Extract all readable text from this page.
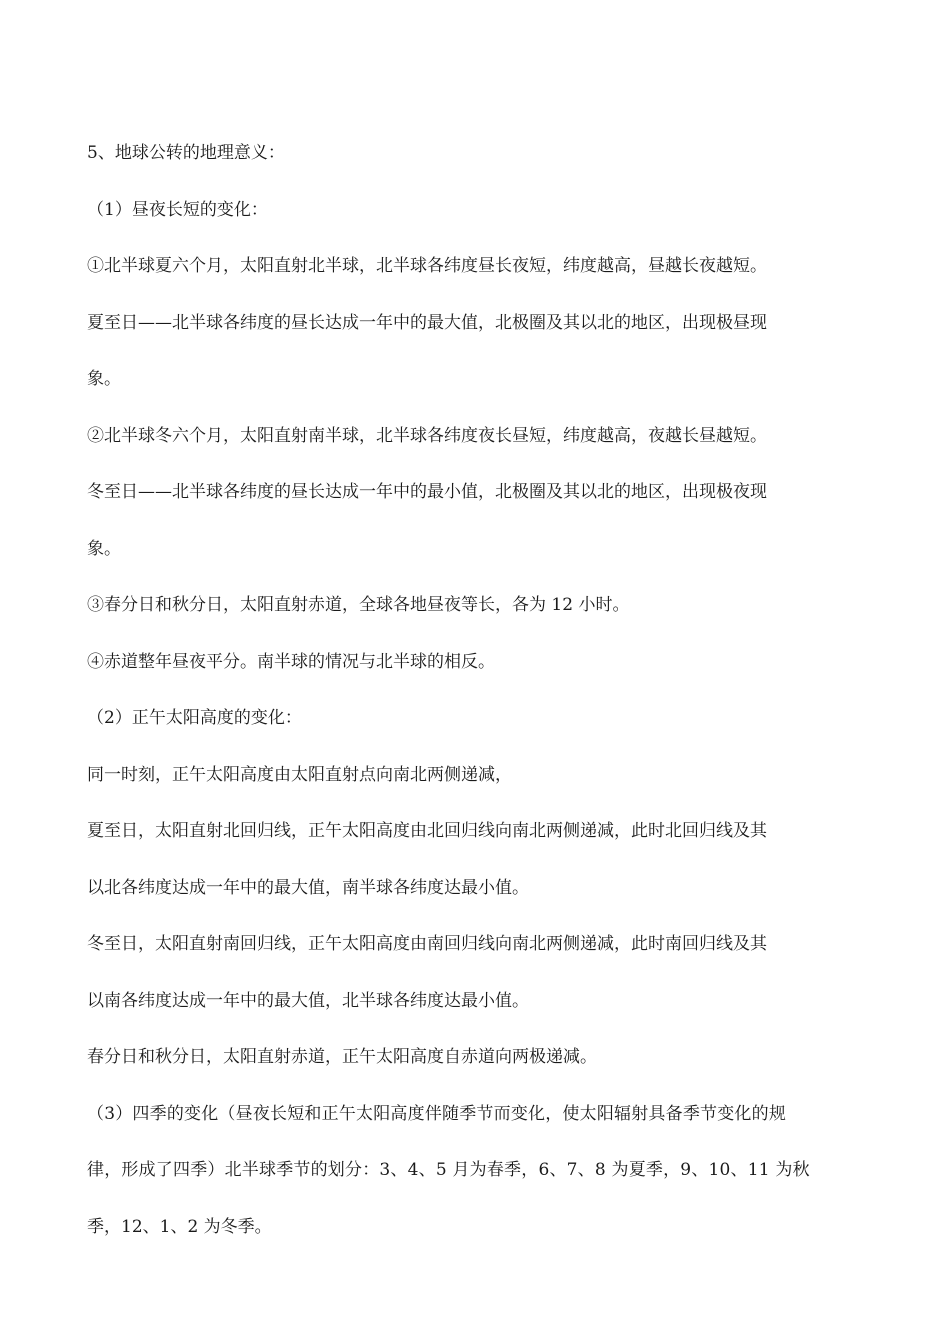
5、地球公转的地理意义：
（1）昼夜长短的变化：
①北半球夏六个月，太阳直射北半球，北半球各纬度昼长夜短，纬度越高，昼越长夜越短。
夏至日——北半球各纬度的昼长达成一年中的最大值，北极圈及其以北的地区，出现极昼现
象。
②北半球冬六个月，太阳直射南半球，北半球各纬度夜长昼短，纬度越高，夜越长昼越短。
冬至日——北半球各纬度的昼长达成一年中的最小值，北极圈及其以北的地区，出现极夜现
象。
③春分日和秋分日，太阳直射赤道，全球各地昼夜等长，各为 12 小时。
④赤道整年昼夜平分。南半球的情况与北半球的相反。
（2）正午太阳高度的变化：
同一时刻，正午太阳高度由太阳直射点向南北两侧递减，
夏至日，太阳直射北回归线，正午太阳高度由北回归线向南北两侧递减，此时北回归线及其
以北各纬度达成一年中的最大值，南半球各纬度达最小值。
冬至日，太阳直射南回归线，正午太阳高度由南回归线向南北两侧递减，此时南回归线及其
以南各纬度达成一年中的最大值，北半球各纬度达最小值。
春分日和秋分日，太阳直射赤道，正午太阳高度自赤道向两极递减。
（3）四季的变化（昼夜长短和正午太阳高度伴随季节而变化，使太阳辐射具备季节变化的规
律，形成了四季）北半球季节的划分：3、4、5 月为春季，6、7、8 为夏季，9、10、11 为秋
季，12、1、2 为冬季。
